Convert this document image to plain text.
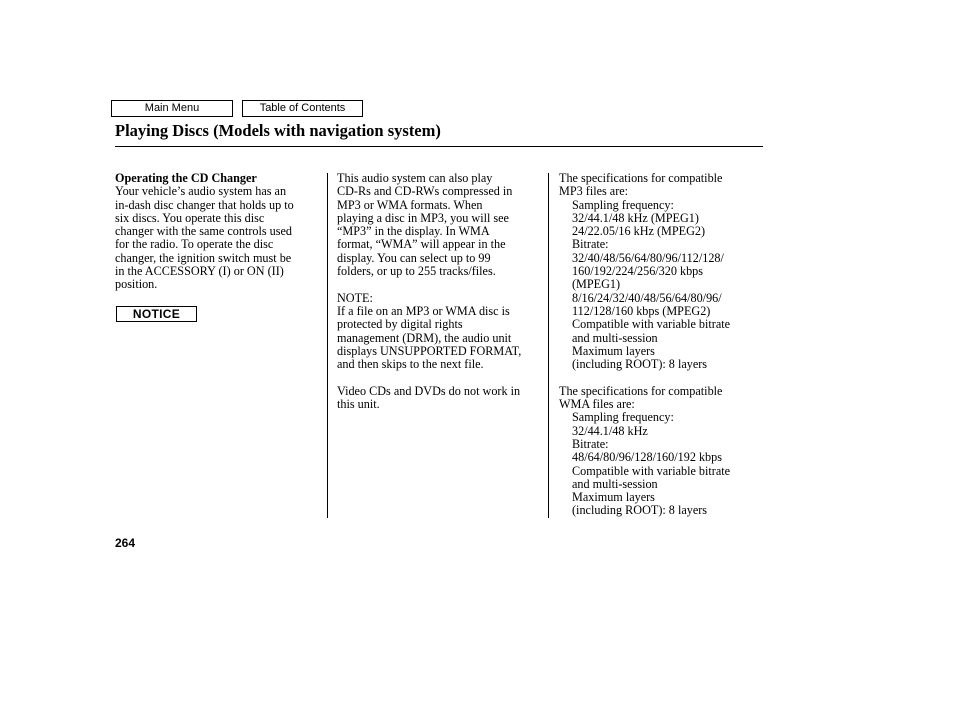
Main Menu	Table of Contents
Playing Discs (Models with navigation system)
Operating the CD Changer
Your vehicle’s audio system has an
in-dash disc changer that holds up to
six discs. You operate this disc
changer with the same controls used
for the radio. To operate the disc
changer, the ignition switch must be
in the ACCESSORY (I) or ON (II)
position.
NOTICE
This audio system can also play
CD-Rs and CD-RWs compressed in
MP3 or WMA formats. When
playing a disc in MP3, you will see
“MP3” in the display. In WMA
format, “WMA” will appear in the
display. You can select up to 99
folders, or up to 255 tracks/files.

NOTE:
If a file on an MP3 or WMA disc is
protected by digital rights
management (DRM), the audio unit
displays UNSUPPORTED FORMAT,
and then skips to the next file.

Video CDs and DVDs do not work in
this unit.
The specifications for compatible
MP3 files are:

Sampling frequency:
32/44.1/48 kHz (MPEG1)
24/22.05/16 kHz (MPEG2)
Bitrate:
32/40/48/56/64/80/96/112/128/
160/192/224/256/320 kbps
(MPEG1)
8/16/24/32/40/48/56/64/80/96/
112/128/160 kbps (MPEG2)
Compatible with variable bitrate
and multi-session
Maximum layers
(including ROOT): 8 layers

The specifications for compatible
WMA files are:

Sampling frequency:
32/44.1/48 kHz
Bitrate:
48/64/80/96/128/160/192 kbps
Compatible with variable bitrate
and multi-session
Maximum layers
(including ROOT): 8 layers
264
